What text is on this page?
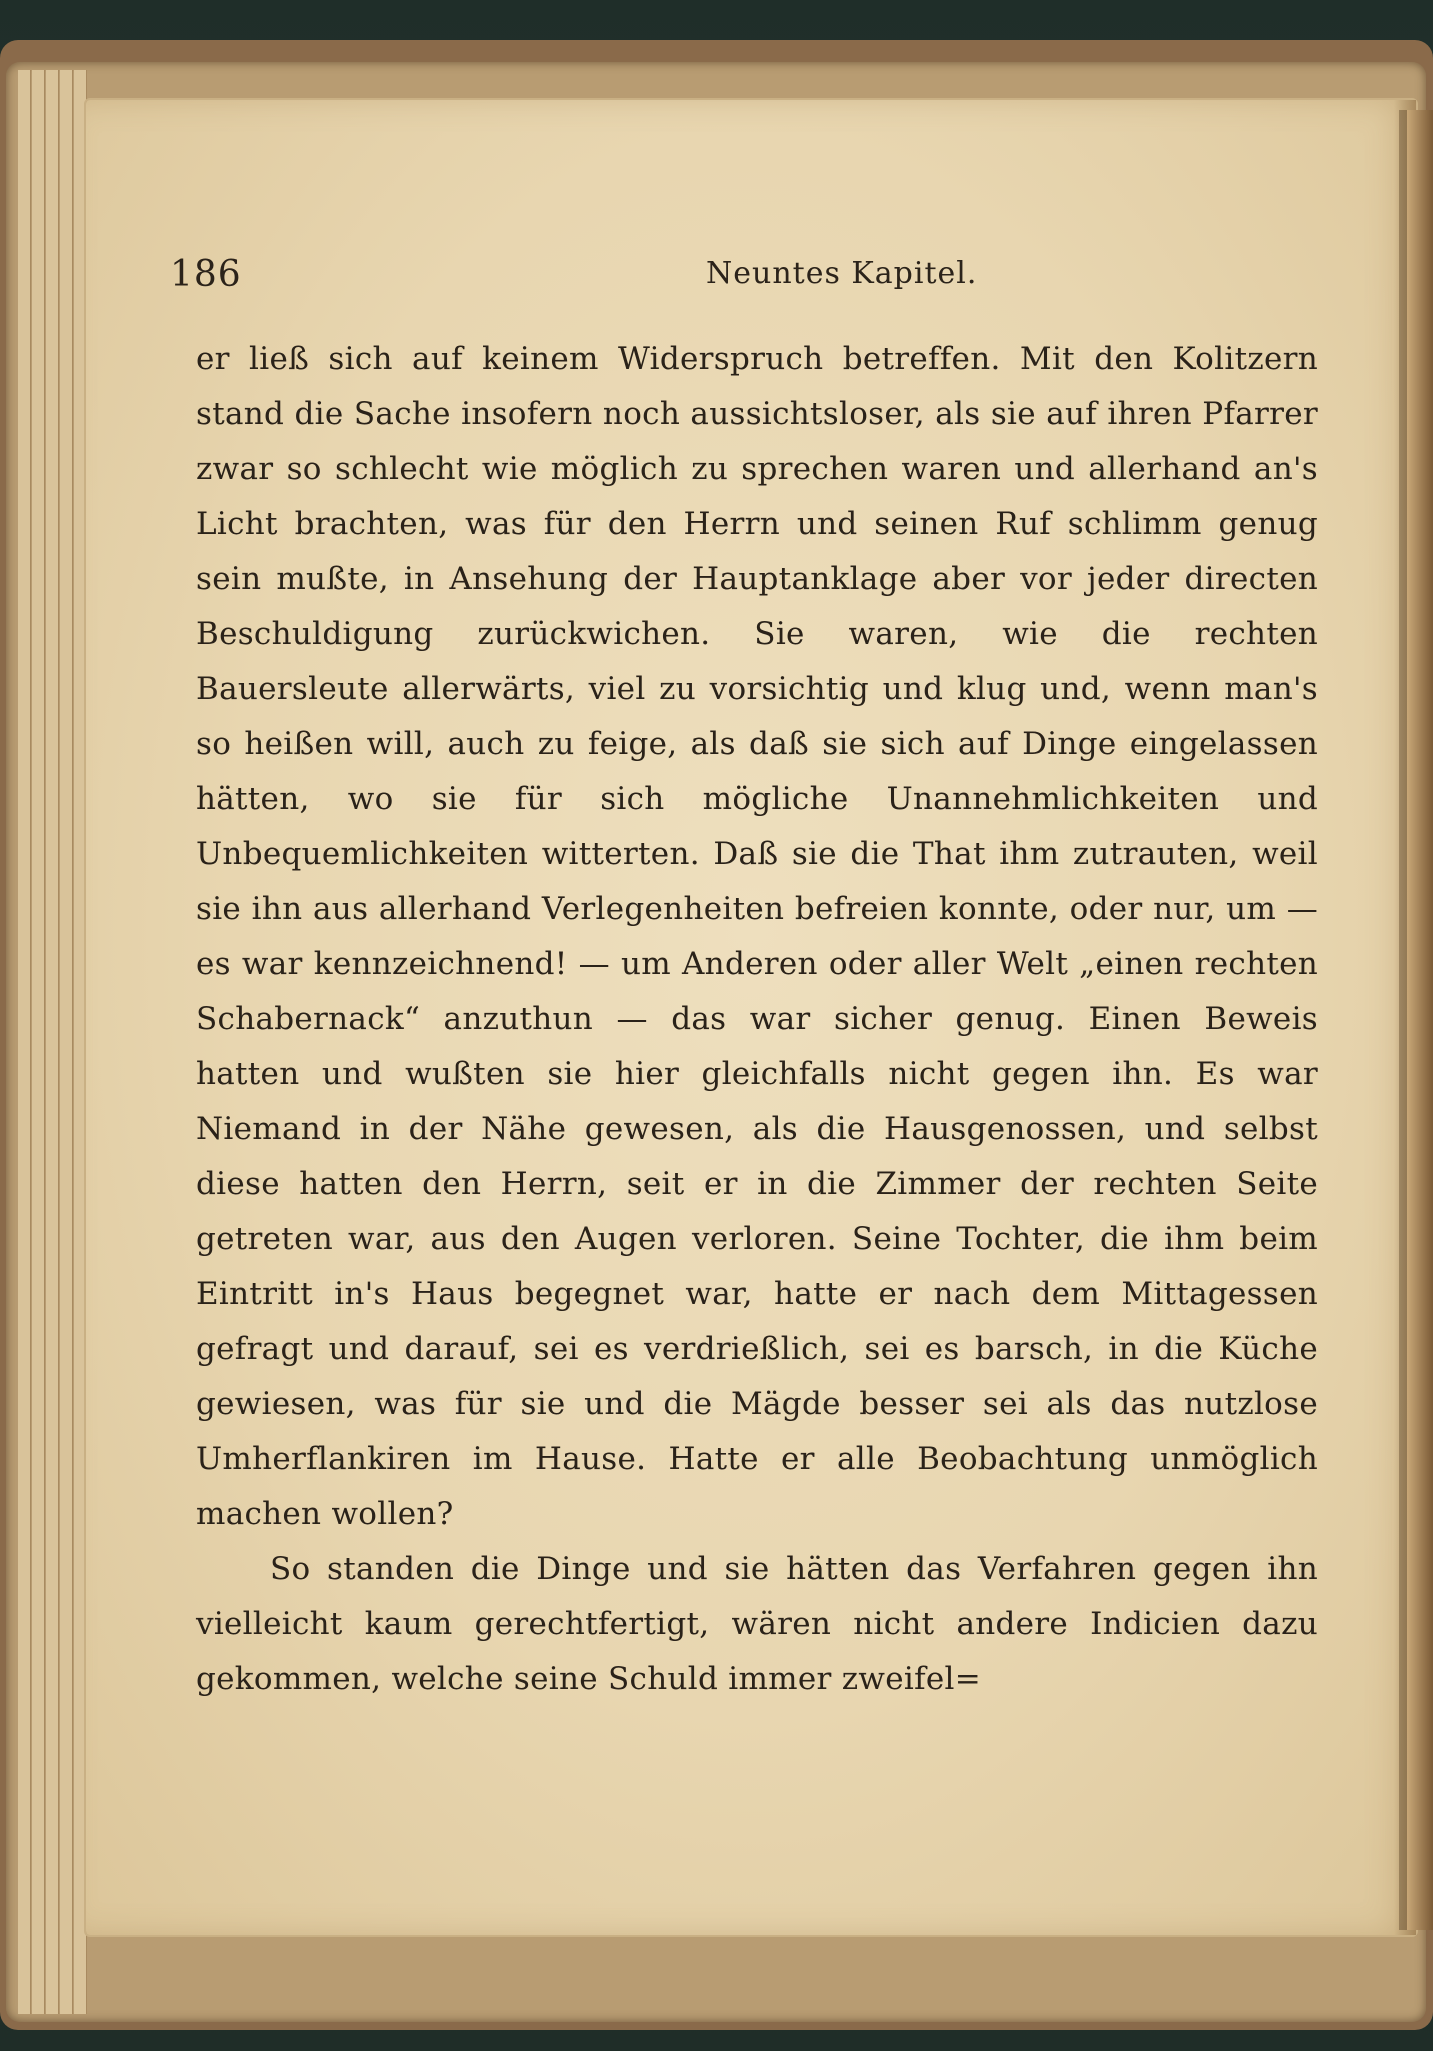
186	Neuntes Kapitel.

er ließ sich auf keinem Widerspruch betreffen. Mit den Kolitzern stand die Sache insofern noch aussichtsloser, als sie auf ihren Pfarrer zwar so schlecht wie möglich zu sprechen waren und allerhand an's Licht brachten, was für den Herrn und seinen Ruf schlimm genug sein mußte, in Ansehung der Hauptanklage aber vor jeder directen Beschuldigung zurückwichen. Sie waren, wie die rechten Bauersleute allerwärts, viel zu vorsichtig und klug und, wenn man's so heißen will, auch zu feige, als daß sie sich auf Dinge eingelassen hätten, wo sie für sich mögliche Unannehmlichkeiten und Unbequemlichkeiten witterten. Daß sie die That ihm zutrauten, weil sie ihn aus allerhand Verlegenheiten befreien konnte, oder nur, um — es war kennzeichnend! — um Anderen oder aller Welt „einen rechten Schabernack“ anzuthun — das war sicher genug. Einen Beweis hatten und wußten sie hier gleichfalls nicht gegen ihn. Es war Niemand in der Nähe gewesen, als die Hausgenossen, und selbst diese hatten den Herrn, seit er in die Zimmer der rechten Seite getreten war, aus den Augen verloren. Seine Tochter, die ihm beim Eintritt in's Haus begegnet war, hatte er nach dem Mittagessen gefragt und darauf, sei es verdrießlich, sei es barsch, in die Küche gewiesen, was für sie und die Mägde besser sei als das nutzlose Umherflankiren im Hause. Hatte er alle Beobachtung unmöglich machen wollen?

So standen die Dinge und sie hätten das Verfahren gegen ihn vielleicht kaum gerechtfertigt, wären nicht andere Indicien dazu gekommen, welche seine Schuld immer zweifel=
